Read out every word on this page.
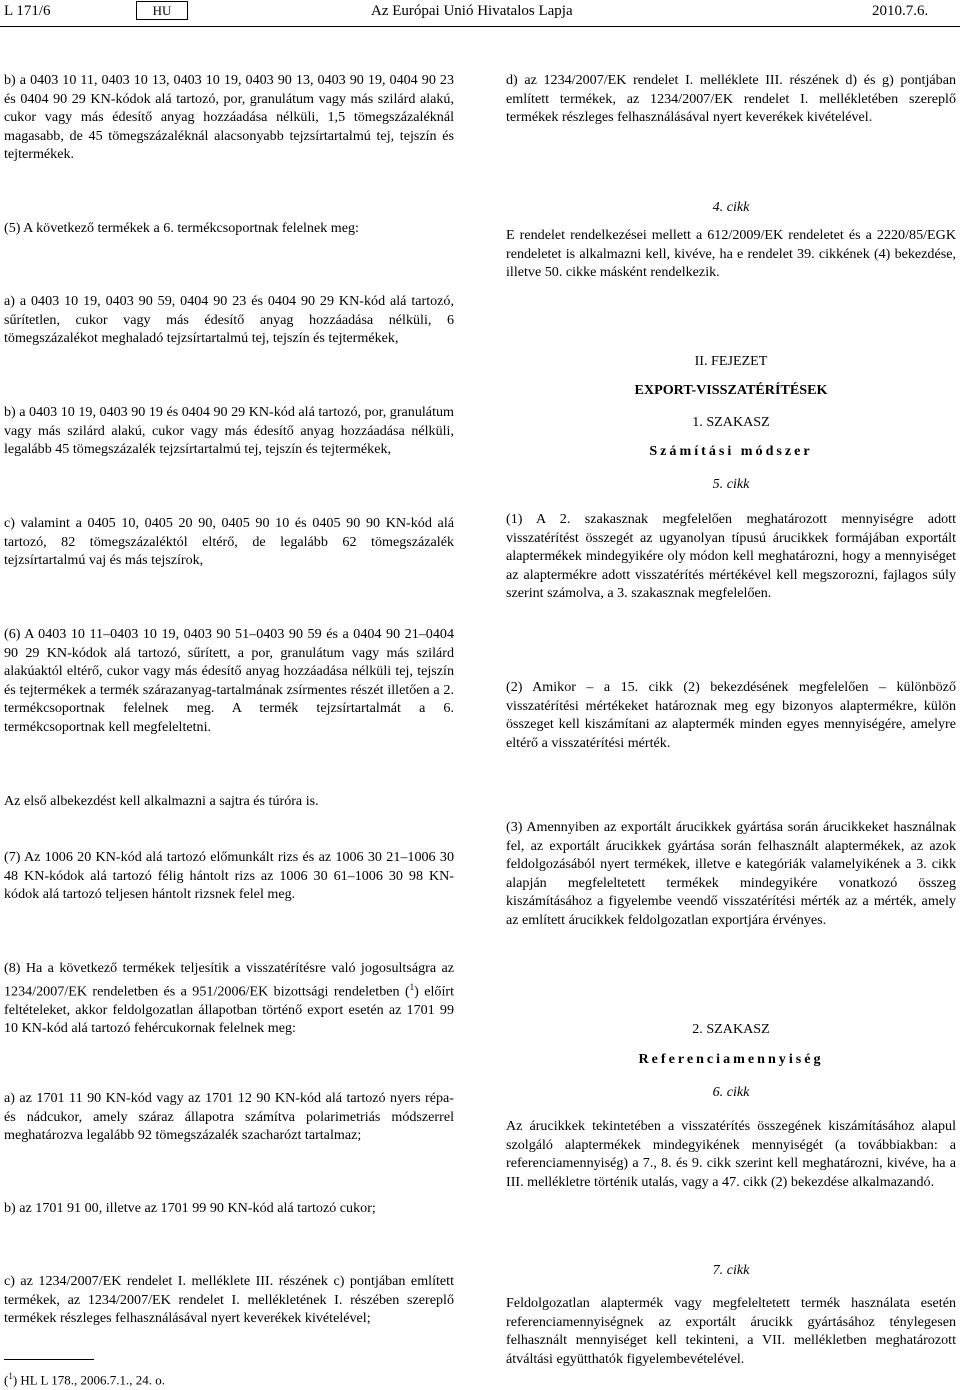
L 171/6	HU	Az Európai Unió Hivatalos Lapja	2010.7.6.

b) a 0403 10 11, 0403 10 13, 0403 10 19, 0403 90 13, 0403 90 19, 0404 90 23 és 0404 90 29 KN-kódok alá tartozó, por, granulátum vagy más szilárd alakú, cukor vagy más édesítő anyag hozzáadása nélküli, 1,5 tömegszázaléknál magasabb, de 45 tömegszázaléknál alacsonyabb tejzsírtartalmú tej, tejszín és tejtermékek.

(5) A következő termékek a 6. termékcsoportnak felelnek meg:

a) a 0403 10 19, 0403 90 59, 0404 90 23 és 0404 90 29 KN-kód alá tartozó, sűrítetlen, cukor vagy más édesítő anyag hozzáadása nélküli, 6 tömegszázalékot meghaladó tejzsírtartalmú tej, tejszín és tejtermékek,

b) a 0403 10 19, 0403 90 19 és 0404 90 29 KN-kód alá tartozó, por, granulátum vagy más szilárd alakú, cukor vagy más édesítő anyag hozzáadása nélküli, legalább 45 tömegszázalék tejzsírtartalmú tej, tejszín és tejtermékek,

c) valamint a 0405 10, 0405 20 90, 0405 90 10 és 0405 90 90 KN-kód alá tartozó, 82 tömegszázaléktól eltérő, de legalább 62 tömegszázalék tejzsírtartalmú vaj és más tejszírok,

(6) A 0403 10 11–0403 10 19, 0403 90 51–0403 90 59 és a 0404 90 21–0404 90 29 KN-kódok alá tartozó, sűrített, a por, granulátum vagy más szilárd alakúaktól eltérő, cukor vagy más édesítő anyag hozzáadása nélküli tej, tejszín és tejtermékek a termék szárazanyag-tartalmának zsírmentes részét illetően a 2. termékcsoportnak felelnek meg. A termék tejzsírtartalmát a 6. termékcsoportnak kell megfeleltetni.

Az első albekezdést kell alkalmazni a sajtra és túróra is.

(7) Az 1006 20 KN-kód alá tartozó előmunkált rizs és az 1006 30 21–1006 30 48 KN-kódok alá tartozó félig hántolt rizs az 1006 30 61–1006 30 98 KN-kódok alá tartozó teljesen hántolt rizsnek felel meg.

(8) Ha a következő termékek teljesítik a visszatérítésre való jogosultságra az 1234/2007/EK rendeletben és a 951/2006/EK bizottsági rendeletben ($^1$) előírt feltételeket, akkor feldolgozatlan állapotban történő export esetén az 1701 99 10 KN-kód alá tartozó fehércukornak felelnek meg:

a) az 1701 11 90 KN-kód vagy az 1701 12 90 KN-kód alá tartozó nyers répa- és nádcukor, amely száraz állapotra számítva polarimetriás módszerrel meghatározva legalább 92 tömegszázalék szacharózt tartalmaz;

b) az 1701 91 00, illetve az 1701 99 90 KN-kód alá tartozó cukor;

c) az 1234/2007/EK rendelet I. melléklete III. részének c) pontjában említett termékek, az 1234/2007/EK rendelet I. mellékletének I. részében szereplő termékek részleges felhasználásával nyert keverékek kivételével;

($^1$) HL L 178., 2006.7.1., 24. o.

d) az 1234/2007/EK rendelet I. melléklete III. részének d) és g) pontjában említett termékek, az 1234/2007/EK rendelet I. mellékletében szereplő termékek részleges felhasználásával nyert keverékek kivételével.

4. cikk

E rendelet rendelkezései mellett a 612/2009/EK rendeletet és a 2220/85/EGK rendeletet is alkalmazni kell, kivéve, ha e rendelet 39. cikkének (4) bekezdése, illetve 50. cikke másként rendelkezik.

II. FEJEZET
EXPORT-VISSZATÉRÍTÉSEK
1. SZAKASZ
Számítási módszer
5. cikk

(1) A 2. szakasznak megfelelően meghatározott mennyiségre adott visszatérítést összegét az ugyanolyan típusú árucikkek formájában exportált alaptermékek mindegyikére oly módon kell meghatározni, hogy a mennyiséget az alaptermékre adott visszatérítés mértékével kell megszorozni, fajlagos súly szerint számolva, a 3. szakasznak megfelelően.

(2) Amikor – a 15. cikk (2) bekezdésének megfelelően – különböző visszatérítési mértékeket határoznak meg egy bizonyos alaptermékre, külön összeget kell kiszámítani az alaptermék minden egyes mennyiségére, amelyre eltérő a visszatérítési mérték.

(3) Amennyiben az exportált árucikkek gyártása során árucikkeket használnak fel, az exportált árucikkek gyártása során felhasznált alaptermékek, az azok feldolgozásából nyert termékek, illetve e kategóriák valamelyikének a 3. cikk alapján megfeleltetett termékek mindegyikére vonatkozó összeg kiszámításához a figyelembe veendő visszatérítési mérték az a mérték, amely az említett árucikkek feldolgozatlan exportjára érvényes.

2. SZAKASZ
Referenciamennyiség
6. cikk

Az árucikkek tekintetében a visszatérítés összegének kiszámításához alapul szolgáló alaptermékek mindegyikének mennyiségét (a továbbiakban: a referenciamennyiség) a 7., 8. és 9. cikk szerint kell meghatározni, kivéve, ha a III. mellékletre történik utalás, vagy a 47. cikk (2) bekezdése alkalmazandó.

7. cikk

Feldolgozatlan alaptermék vagy megfeleltetett termék használata esetén referenciamennyiségnek az exportált árucikk gyártásához ténylegesen felhasznált mennyiséget kell tekinteni, a VII. mellékletben meghatározott átváltási együtthatók figyelembevételével.
